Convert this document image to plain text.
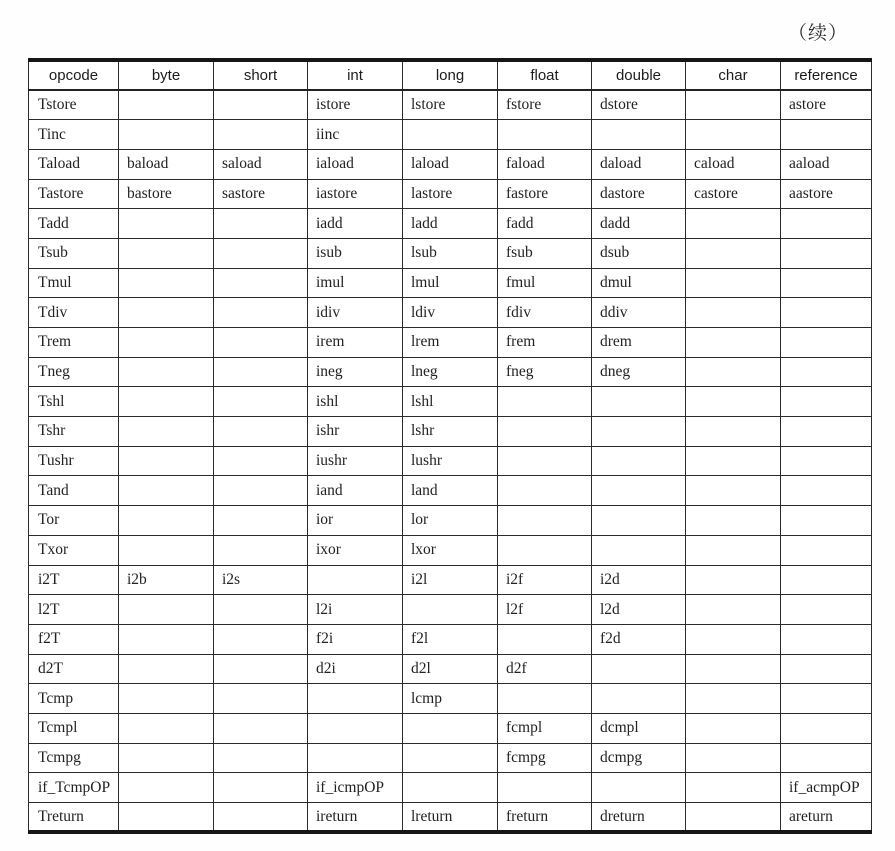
（续）
opcode	byte	short	int	long	float	double	char	reference
Tstore			istore	lstore	fstore	dstore		astore
Tinc			iinc					
Taload	baload	saload	iaload	laload	faload	daload	caload	aaload
Tastore	bastore	sastore	iastore	lastore	fastore	dastore	castore	aastore
Tadd			iadd	ladd	fadd	dadd		
Tsub			isub	lsub	fsub	dsub		
Tmul			imul	lmul	fmul	dmul		
Tdiv			idiv	ldiv	fdiv	ddiv		
Trem			irem	lrem	frem	drem		
Tneg			ineg	lneg	fneg	dneg		
Tshl			ishl	lshl				
Tshr			ishr	lshr				
Tushr			iushr	lushr				
Tand			iand	land				
Tor			ior	lor				
Txor			ixor	lxor				
i2T	i2b	i2s		i2l	i2f	i2d		
l2T			l2i		l2f	l2d		
f2T			f2i	f2l		f2d		
d2T			d2i	d2l	d2f			
Tcmp				lcmp				
Tcmpl					fcmpl	dcmpl		
Tcmpg					fcmpg	dcmpg		
if_TcmpOP			if_icmpOP					if_acmpOP
Treturn			ireturn	lreturn	freturn	dreturn		areturn
